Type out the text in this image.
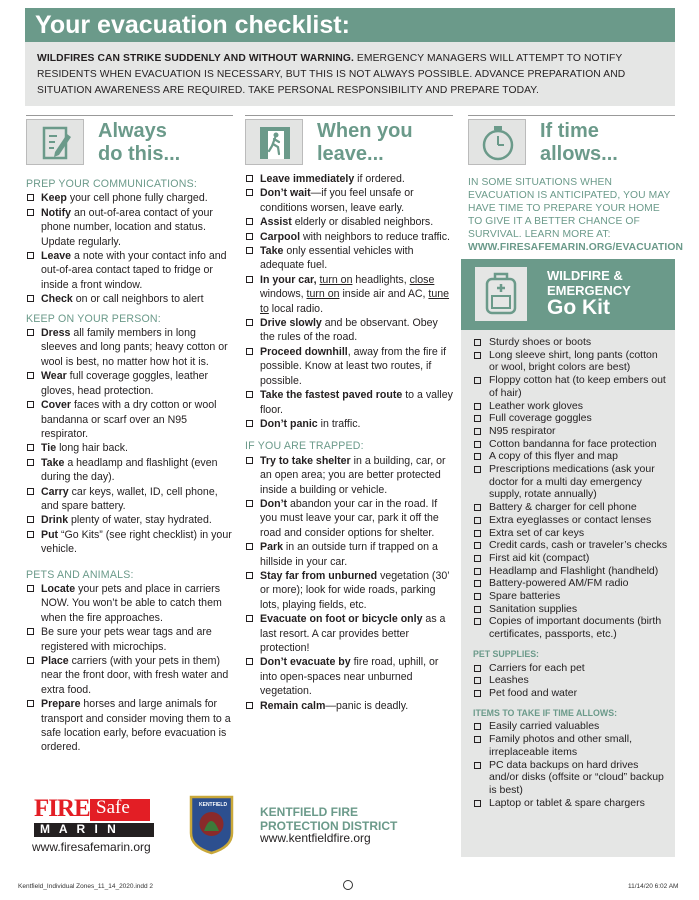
Your evacuation checklist:
WILDFIRES CAN STRIKE SUDDENLY AND WITHOUT WARNING. EMERGENCY MANAGERS WILL ATTEMPT TO NOTIFY RESIDENTS WHEN EVACUATION IS NECESSARY, BUT THIS IS NOT ALWAYS POSSIBLE. ADVANCE PREPARATION AND SITUATION AWARENESS ARE REQUIRED. TAKE PERSONAL RESPONSIBILITY AND PREPARE TODAY.
Always
do this...
PREP YOUR COMMUNICATIONS:
Keep your cell phone fully charged.
Notify an out-of-area contact of your phone number, location and status. Update regularly.
Leave a note with your contact info and out-of-area contact taped to fridge or inside a front window.
Check on or call neighbors to alert
KEEP ON YOUR PERSON:
Dress all family members in long sleeves and long pants; heavy cotton or wool is best, no matter how hot it is.
Wear full coverage goggles, leather gloves, head protection.
Cover faces with a dry cotton or wool bandanna or scarf over an N95 respirator.
Tie long hair back.
Take a headlamp and flashlight (even during the day).
Carry car keys, wallet, ID, cell phone, and spare battery.
Drink plenty of water, stay hydrated.
Put “Go Kits” (see right checklist) in your vehicle.
PETS AND ANIMALS:
Locate your pets and place in carriers NOW. You won’t be able to catch them when the fire approaches.
Be sure your pets wear tags and are registered with microchips.
Place carriers (with your pets in them) near the front door, with fresh water and extra food.
Prepare horses and large animals for transport and consider moving them to a safe location early, before evacuation is ordered.
When you
leave...
Leave immediately if ordered.
Don’t wait—if you feel unsafe or conditions worsen, leave early.
Assist elderly or disabled neighbors.
Carpool with neighbors to reduce traffic.
Take only essential vehicles with adequate fuel.
In your car, turn on headlights, close windows, turn on inside air and AC, tune to local radio.
Drive slowly and be observant. Obey the rules of the road.
Proceed downhill, away from the fire if possible. Know at least two routes, if possible.
Take the fastest paved route to a valley floor.
Don’t panic in traffic.
IF YOU ARE TRAPPED:
Try to take shelter in a building, car, or an open area; you are better protected inside a building or vehicle.
Don’t abandon your car in the road. If you must leave your car, park it off the road and consider options for shelter.
Park in an outside turn if trapped on a hillside in your car.
Stay far from unburned vegetation (30’ or more); look for wide roads, parking lots, playing fields, etc.
Evacuate on foot or bicycle only as a last resort. A car provides better protection!
Don’t evacuate by fire road, uphill, or into open-spaces near unburned vegetation.
Remain calm—panic is deadly.
If time
allows...
IN SOME SITUATIONS WHEN EVACUATION IS ANTICIPATED, YOU MAY HAVE TIME TO PREPARE YOUR HOME TO GIVE IT A BETTER CHANCE OF SURVIVAL. LEARN MORE AT:
WWW.FIRESAFEMARIN.ORG/EVACUATION
WILDFIRE &
EMERGENCY
Go Kit
Sturdy shoes or boots
Long sleeve shirt, long pants (cotton or wool, bright colors are best)
Floppy cotton hat (to keep embers out of hair)
Leather work gloves
Full coverage goggles
N95 respirator
Cotton bandanna for face protection
A copy of this flyer and map
Prescriptions medications (ask your doctor for a multi day emergency supply, rotate annually)
Battery & charger for cell phone
Extra eyeglasses or contact lenses
Extra set of car keys
Credit cards, cash or traveler’s checks
First aid kit (compact)
Headlamp and Flashlight (handheld)
Battery-powered AM/FM radio
Spare batteries
Sanitation supplies
Copies of important documents (birth certificates, passports, etc.)
PET SUPPLIES:
Carriers for each pet
Leashes
Pet food and water
ITEMS TO TAKE IF TIME ALLOWS:
Easily carried valuables
Family photos and other small, irreplaceable items
PC data backups on hard drives and/or disks (offsite or “cloud” backup is best)
Laptop or tablet & spare chargers
FIRE Safe
M A R I N
www.firesafemarin.org
KENTFIELD	KENTFIELD FIRE
PROTECTION DISTRICT
www.kentfieldfire.org
Kentfield_Individual Zones_11_14_2020.indd 2	11/14/20 6:02 AM
